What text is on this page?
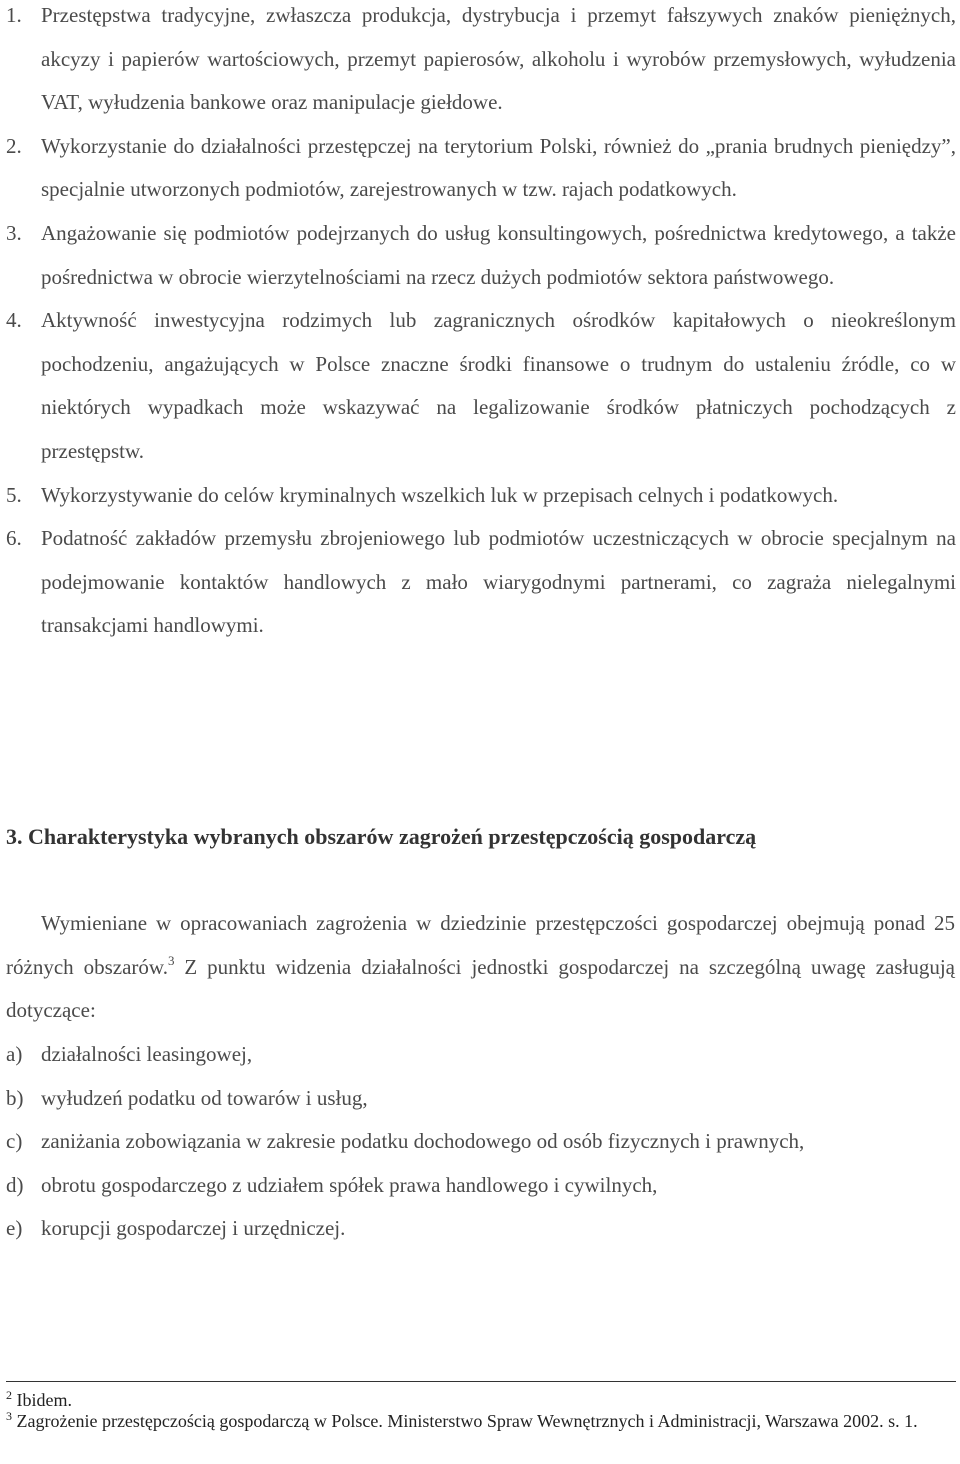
1. Przestępstwa tradycyjne, zwłaszcza produkcja, dystrybucja i przemyt fałszywych znaków pieniężnych, akcyzy i papierów wartościowych, przemyt papierosów, alkoholu i wyrobów przemysłowych, wyłudzenia VAT, wyłudzenia bankowe oraz manipulacje giełdowe.
2. Wykorzystanie do działalności przestępczej na terytorium Polski, również do „prania brudnych pieniędzy”, specjalnie utworzonych podmiotów, zarejestrowanych w tzw. rajach podatkowych.
3. Angażowanie się podmiotów podejrzanych do usług konsultingowych, pośrednictwa kredytowego, a także pośrednictwa w obrocie wierzytelnościami na rzecz dużych podmiotów sektora państwowego.
4. Aktywność inwestycyjna rodzimych lub zagranicznych ośrodków kapitałowych o nieokreślonym pochodzeniu, angażujących w Polsce znaczne środki finansowe o trudnym do ustaleniu źródle, co w niektórych wypadkach może wskazywać na legalizowanie środków płatniczych pochodzących z przestępstw.
5. Wykorzystywanie do celów kryminalnych wszelkich luk w przepisach celnych i podatkowych.
6. Podatność zakładów przemysłu zbrojeniowego lub podmiotów uczestniczących w obrocie specjalnym na podejmowanie kontaktów handlowych z mało wiarygodnymi partnerami, co zagraża nielegalnymi transakcjami handlowymi.
3. Charakterystyka wybranych obszarów zagrożeń przestępczością gospodarczą

Wymieniane w opracowaniach zagrożenia w dziedzinie przestępczości gospodarczej obejmują ponad 25 różnych obszarów.$^3$ Z punktu widzenia działalności jednostki gospodarczej na szczególną uwagę zasługują dotyczące:

a) działalności leasingowej,
b) wyłudzeń podatku od towarów i usług,
c) zaniżania zobowiązania w zakresie podatku dochodowego od osób fizycznych i prawnych,
d) obrotu gospodarczego z udziałem spółek prawa handlowego i cywilnych,
e) korupcji gospodarczej i urzędniczej.
$^2$ Ibidem.
$^3$ Zagrożenie przestępczością gospodarczą w Polsce. Ministerstwo Spraw Wewnętrznych i Administracji, Warszawa 2002. s. 1.
